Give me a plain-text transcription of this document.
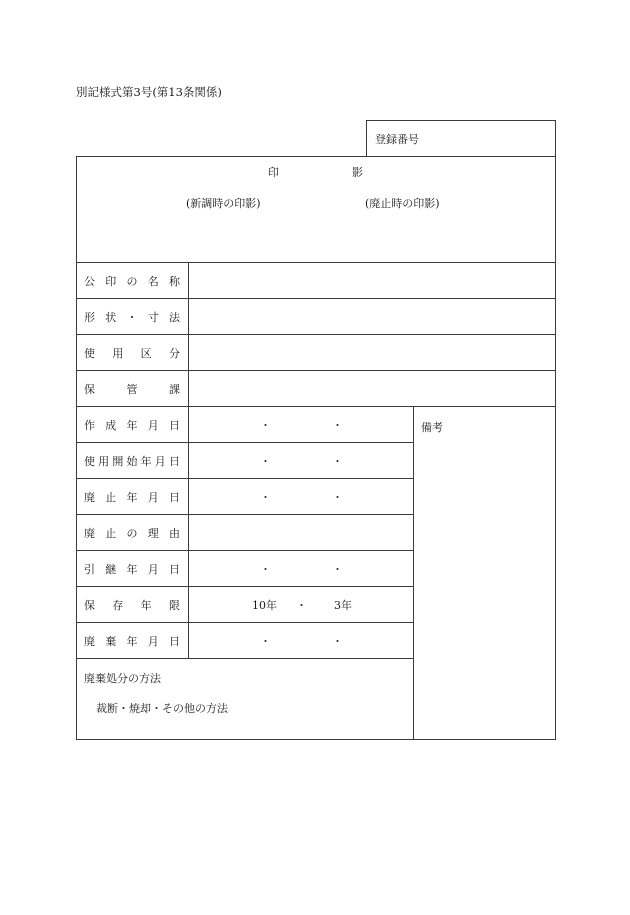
別記様式第3号(第13条関係)
登録番号
印	影
(新調時の印影)	(廃止時の印影)
公 印 の 名 称
形 状 ・ 寸 法
使 用 区 分
保	管	課
作 成 年 月 日	・	・
使 用 開 始 年 月 日	・	・
廃 止 年 月 日	・	・
廃 止 の 理 由
引 継 年 月 日	・	・
保 存 年 限	10年 ・ 3年
廃 棄 年 月 日	・	・
備考
廃棄処分の方法
裁断・焼却・その他の方法
